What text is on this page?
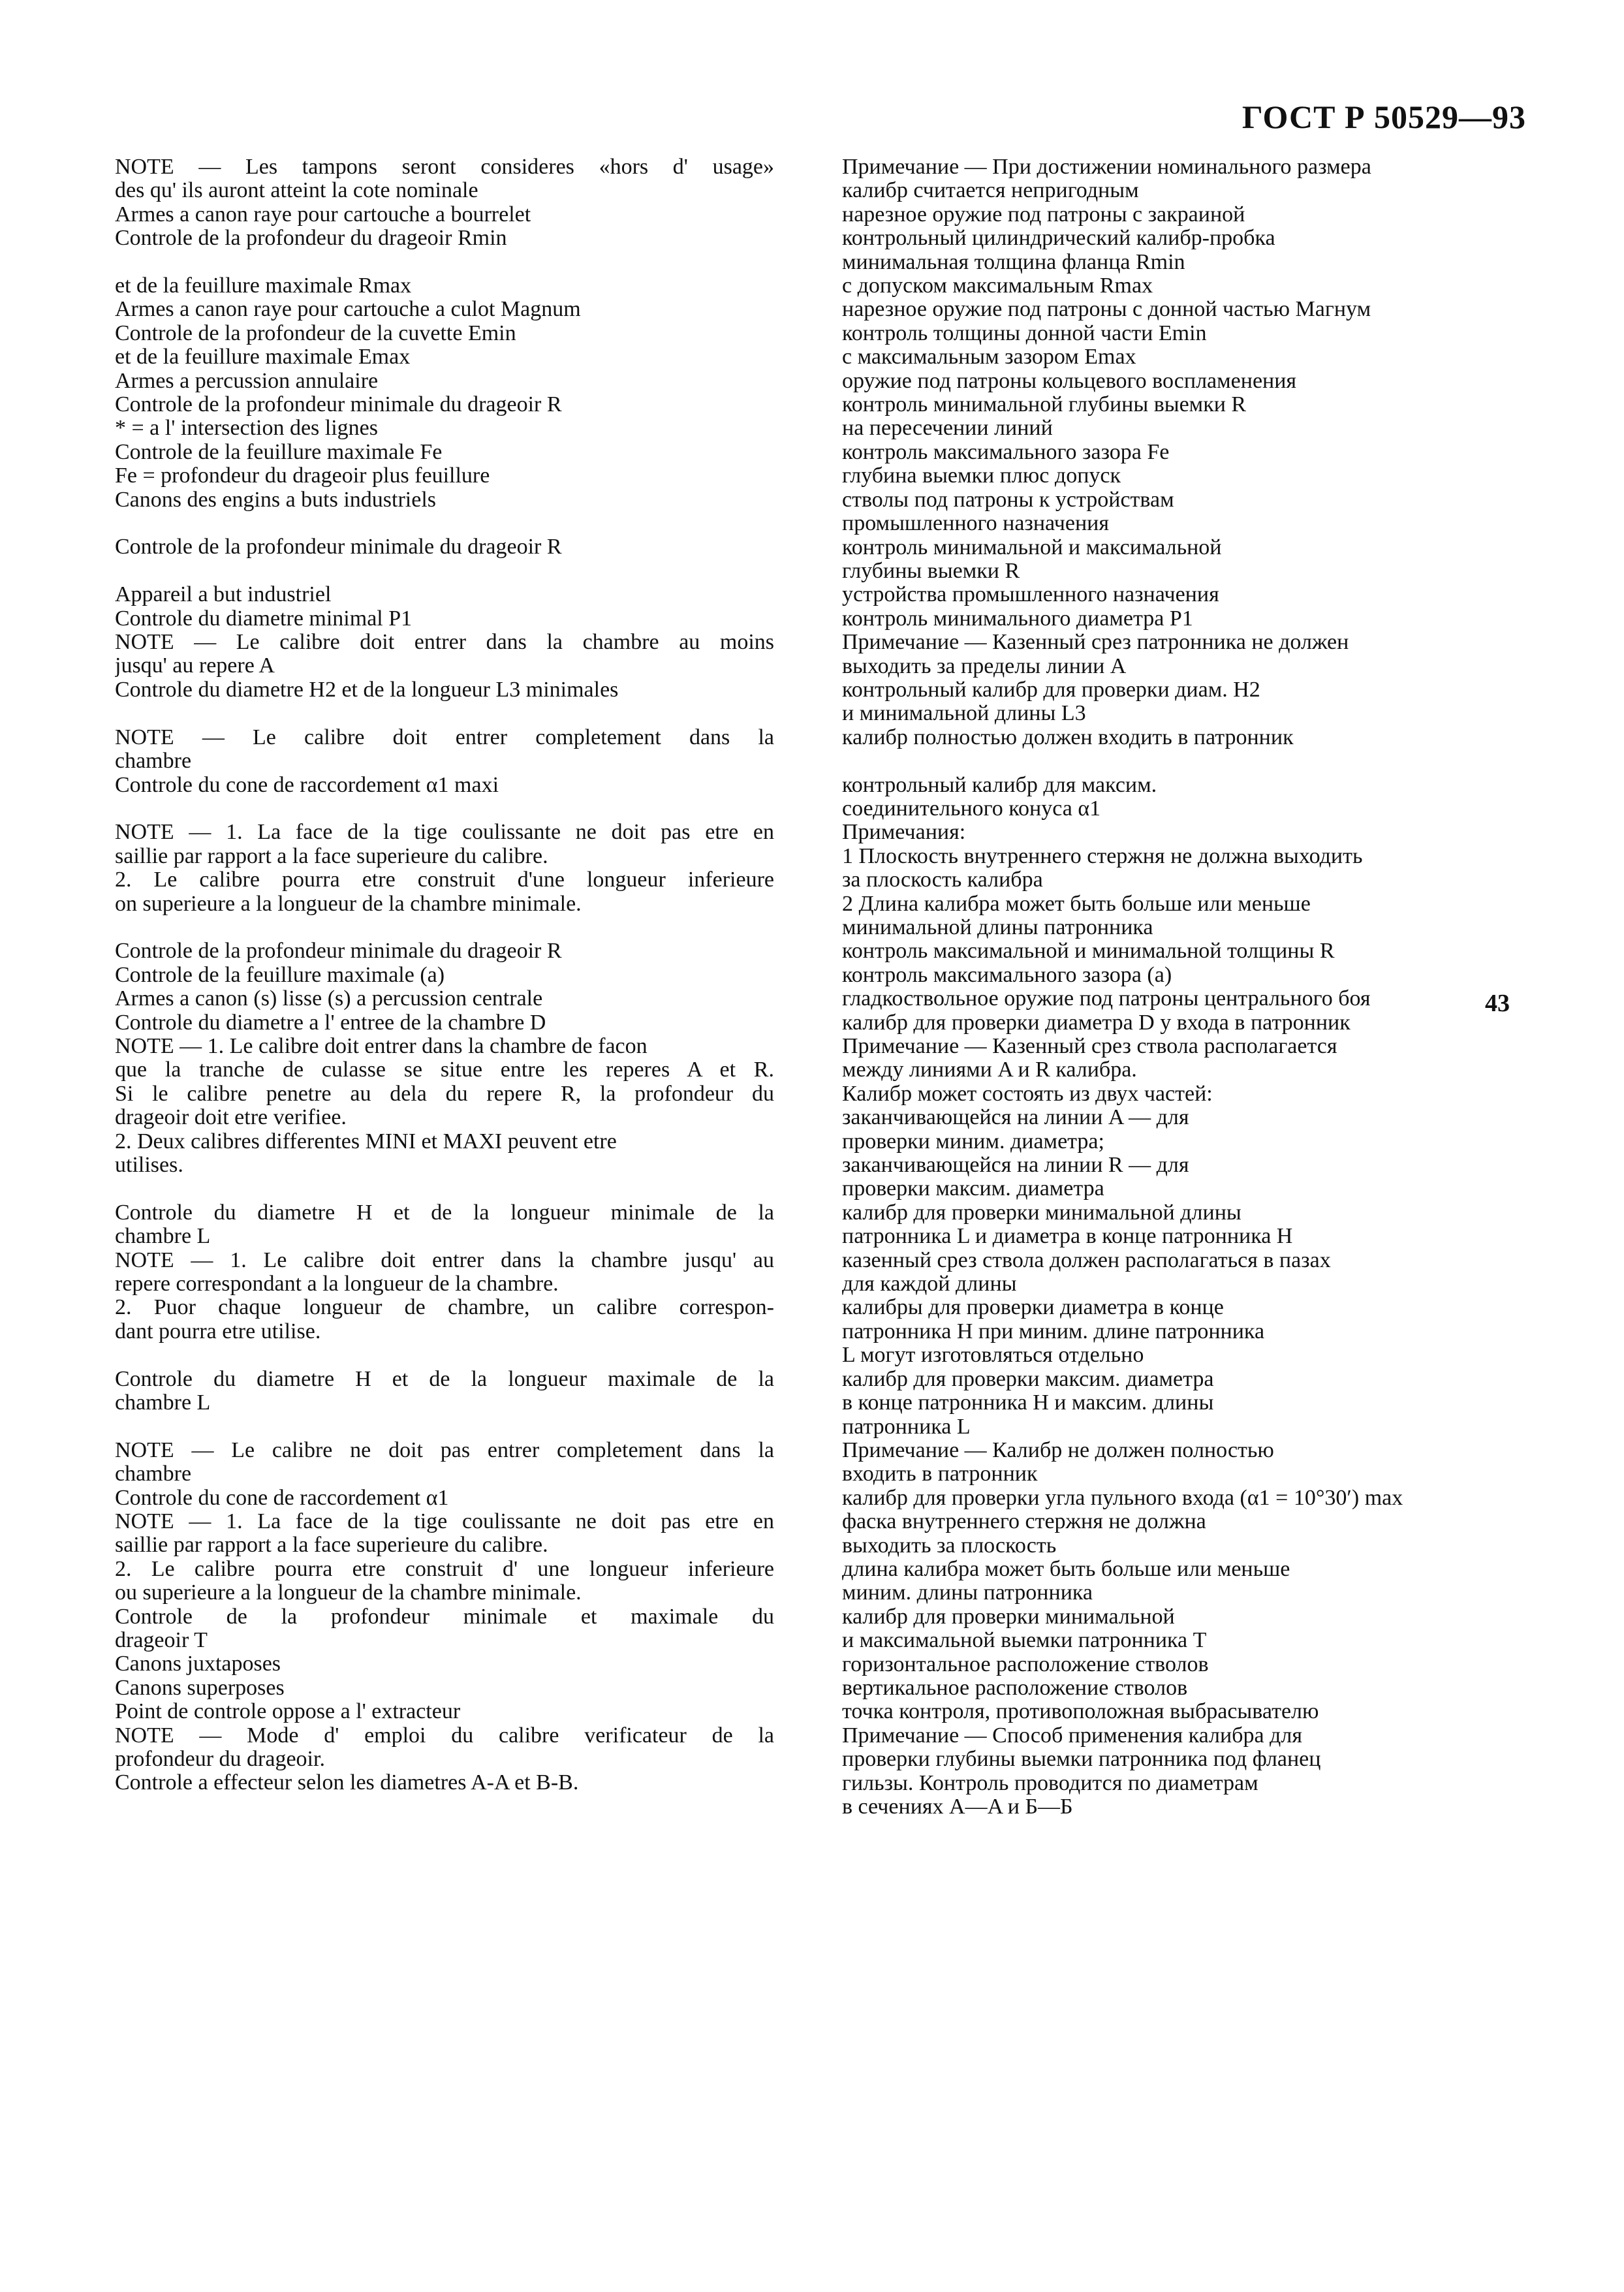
ГОСТ Р 50529—93
NOTE — Les tampons seront consideres «hors d' usage»
des qu' ils auront atteint la cote nominale
Armes a canon raye pour cartouche a bourrelet
Controle de la profondeur du drageoir Rmin
et de la feuillure maximale Rmax
Armes a canon raye pour cartouche a culot Magnum
Controle de la profondeur de la cuvette Emin
et de la feuillure maximale Emax
Armes a percussion annulaire
Controle de la profondeur minimale du drageoir R
* = a l' intersection des lignes
Controle de la feuillure maximale Fe
Fe = profondeur du drageoir plus feuillure
Canons des engins a buts industriels
Controle de la profondeur minimale du drageoir R
Appareil a but industriel
Controle du diametre minimal P1
NOTE — Le calibre doit entrer dans la chambre au moins
jusqu' au repere A
Controle du diametre H2 et de la longueur L3 minimales
NOTE — Le calibre doit entrer completement dans la
chambre
Controle du cone de raccordement α1 maxi
NOTE — 1. La face de la tige coulissante ne doit pas etre en
saillie par rapport a la face superieure du calibre.
2. Le calibre pourra etre construit d'une longueur inferieure
on superieure a la longueur de la chambre minimale.
Controle de la profondeur minimale du drageoir R
Controle de la feuillure maximale (a)
Armes a canon (s) lisse (s) a percussion centrale
Controle du diametre a l' entree de la chambre D
NOTE — 1. Le calibre doit entrer dans la chambre de facon
que la tranche de culasse se situe entre les reperes A et R.
Si le calibre penetre au dela du repere R, la profondeur du
drageoir doit etre verifiee.
2. Deux calibres differentes MINI et MAXI peuvent etre
utilises.
Controle du diametre H et de la longueur minimale de la
chambre L
NOTE — 1. Le calibre doit entrer dans la chambre jusqu' au
repere correspondant a la longueur de la chambre.
2. Puor chaque longueur de chambre, un calibre correspon-
dant pourra etre utilise.
Controle du diametre H et de la longueur maximale de la
chambre L
NOTE — Le calibre ne doit pas entrer completement dans la
chambre
Controle du cone de raccordement α1
NOTE — 1. La face de la tige coulissante ne doit pas etre en
saillie par rapport a la face superieure du calibre.
2. Le calibre pourra etre construit d' une longueur inferieure
ou superieure a la longueur de la chambre minimale.
Controle de la profondeur minimale et maximale du
drageoir T
Canons juxtaposes
Canons superposes
Point de controle oppose a l' extracteur
NOTE — Mode d' emploi du calibre verificateur de la
profondeur du drageoir.
Controle a effecteur selon les diametres A-A et B-B.
Примечание — При достижении номинального размера
калибр считается непригодным
нарезное оружие под патроны с закраиной
контрольный цилиндрический калибр-пробка
минимальная толщина фланца Rmin
с допуском максимальным Rmax
нарезное оружие под патроны с донной частью Магнум
контроль толщины донной части Emin
с максимальным зазором Emax
оружие под патроны кольцевого воспламенения
контроль минимальной глубины выемки R
на пересечении линий
контроль максимального зазора Fe
глубина выемки плюс допуск
стволы под патроны к устройствам
промышленного назначения
контроль минимальной и максимальной
глубины выемки R
устройства промышленного назначения
контроль минимального диаметра P1
Примечание — Казенный срез патронника не должен
выходить за пределы линии A
контрольный калибр для проверки диам. H2
и минимальной длины L3
калибр полностью должен входить в патронник
контрольный калибр для максим.
соединительного конуса α1
Примечания:
1 Плоскость внутреннего стержня не должна выходить
за плоскость калибра
2 Длина калибра может быть больше или меньше
минимальной длины патронника
контроль максимальной и минимальной толщины R
контроль максимального зазора (a)
гладкоствольное оружие под патроны центрального боя
калибр для проверки диаметра D у входа в патронник
Примечание — Казенный срез ствола располагается
между линиями A и R калибра.
Калибр может состоять из двух частей:
заканчивающейся на линии A — для
проверки миним. диаметра;
заканчивающейся на линии R — для
проверки максим. диаметра
калибр для проверки минимальной длины
патронника L и диаметра в конце патронника H
казенный срез ствола должен располагаться в пазах
для каждой длины
калибры для проверки диаметра в конце
патронника H при миним. длине патронника
L могут изготовляться отдельно
калибр для проверки максим. диаметра
в конце патронника H и максим. длины
патронника L
Примечание — Калибр не должен полностью
входить в патронник
калибр для проверки угла пульного входа (α1 = 10°30′) max
фаска внутреннего стержня не должна
выходить за плоскость
длина калибра может быть больше или меньше
миним. длины патронника
калибр для проверки минимальной
и максимальной выемки патронника T
горизонтальное расположение стволов
вертикальное расположение стволов
точка контроля, противоположная выбрасывателю
Примечание — Способ применения калибра для
проверки глубины выемки патронника под фланец
гильзы. Контроль проводится по диаметрам
в сечениях A—A и Б—Б
43
